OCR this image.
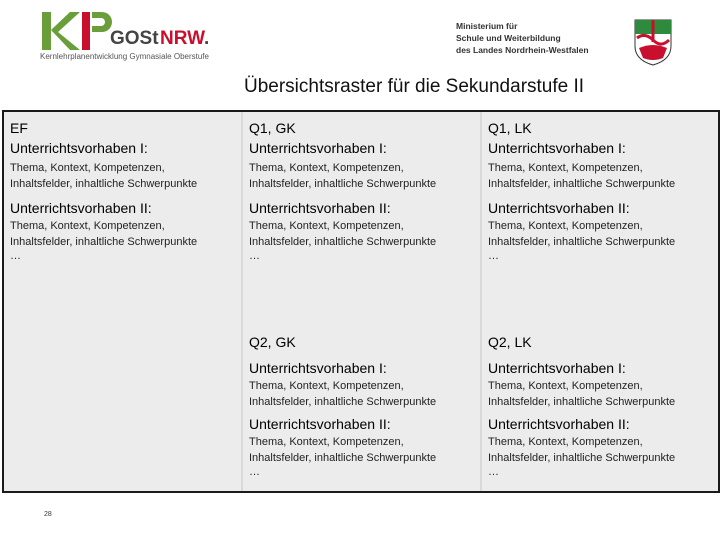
GOSt NRW
.
Kernlehrplanentwicklung Gymnasiale Oberstufe
Ministerium für
Schule und Weiterbildung
des Landes Nordrhein-Westfalen
Übersichtsraster für die Sekundarstufe II
EF
Unterrichtsvorhaben I:
Thema, Kontext, Kompetenzen,
Inhaltsfelder, inhaltliche Schwerpunkte
Unterrichtsvorhaben II:
Thema, Kontext, Kompetenzen,
Inhaltsfelder, inhaltliche Schwerpunkte
…
Q1, GK
Unterrichtsvorhaben I:
Thema, Kontext, Kompetenzen,
Inhaltsfelder, inhaltliche Schwerpunkte
Unterrichtsvorhaben II:
Thema, Kontext, Kompetenzen,
Inhaltsfelder, inhaltliche Schwerpunkte
…
Q2, GK
Unterrichtsvorhaben I:
Thema, Kontext, Kompetenzen,
Inhaltsfelder, inhaltliche Schwerpunkte
Unterrichtsvorhaben II:
Thema, Kontext, Kompetenzen,
Inhaltsfelder, inhaltliche Schwerpunkte
…
Q1, LK
Unterrichtsvorhaben I:
Thema, Kontext, Kompetenzen,
Inhaltsfelder, inhaltliche Schwerpunkte
Unterrichtsvorhaben II:
Thema, Kontext, Kompetenzen,
Inhaltsfelder, inhaltliche Schwerpunkte
…
Q2, LK
Unterrichtsvorhaben I:
Thema, Kontext, Kompetenzen,
Inhaltsfelder, inhaltliche Schwerpunkte
Unterrichtsvorhaben II:
Thema, Kontext, Kompetenzen,
Inhaltsfelder, inhaltliche Schwerpunkte
…
28
